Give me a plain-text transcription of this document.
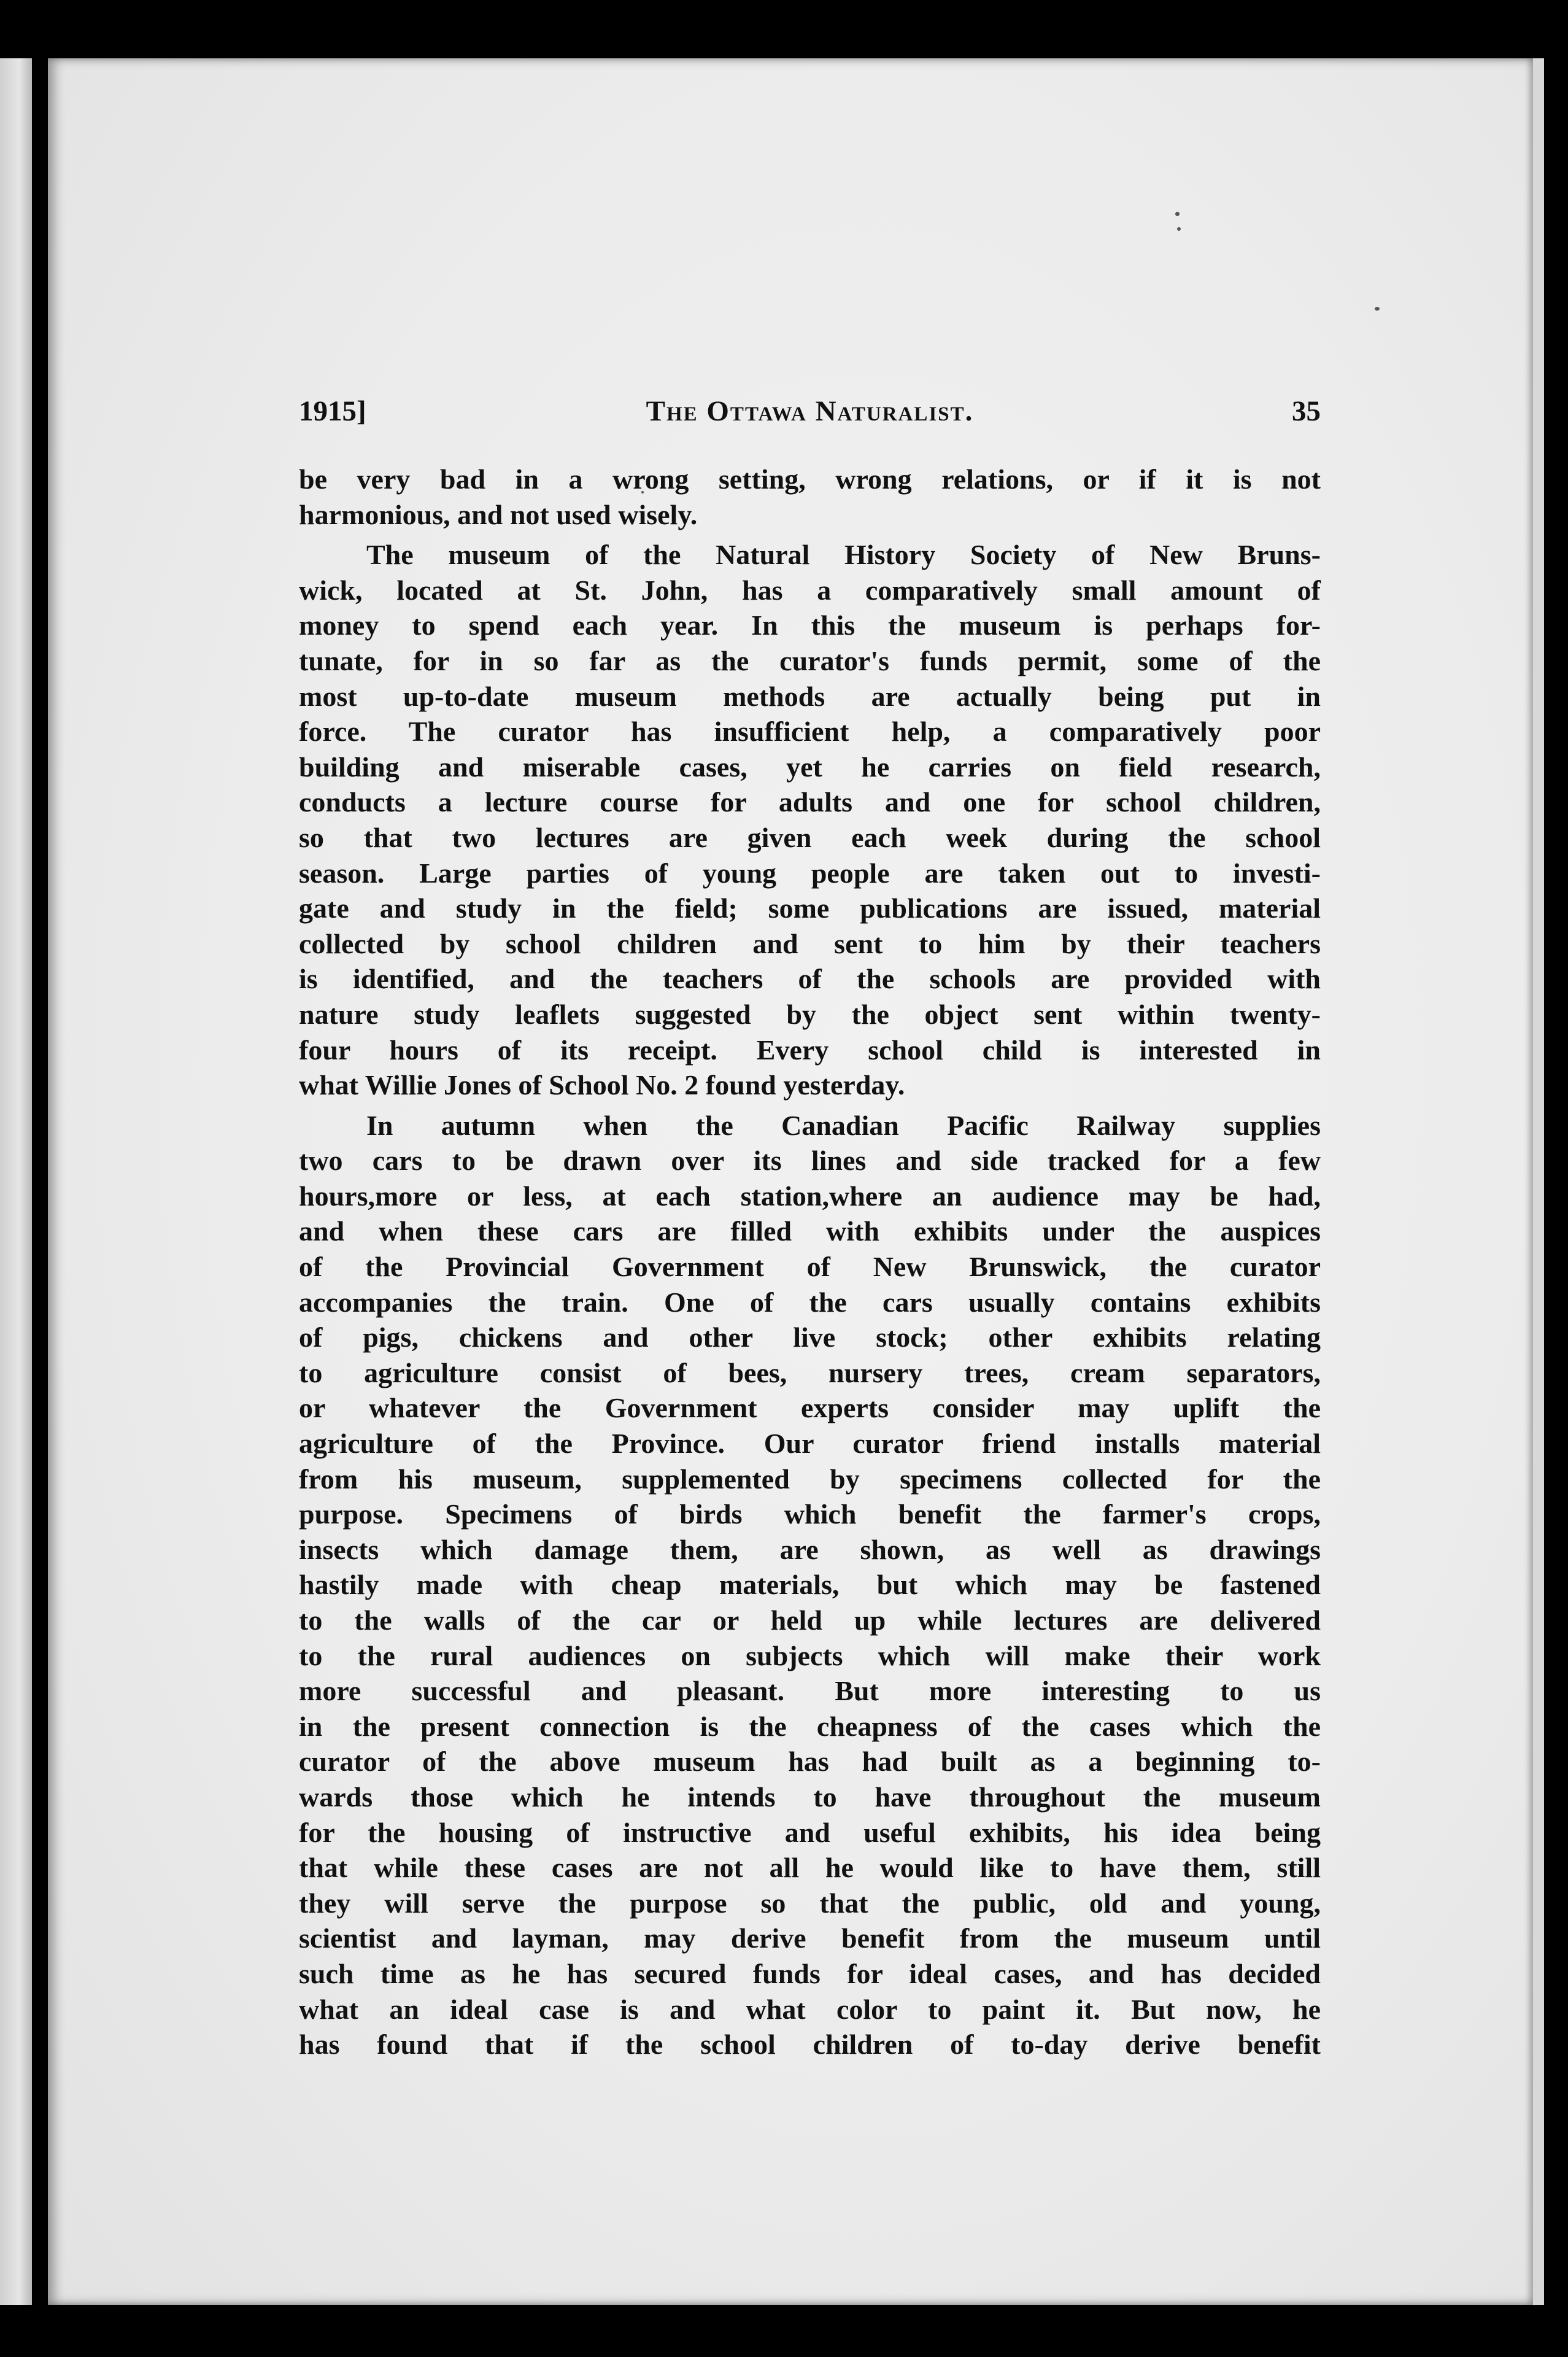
1915]	The Ottawa Naturalist.	35
be very bad in a wrong setting, wrong relations, or if it is not
harmonious, and not used wisely.
The museum of the Natural History Society of New Bruns-
wick, located at St. John, has a comparatively small amount of
money to spend each year. In this the museum is perhaps for-
tunate, for in so far as the curator's funds permit, some of the
most up-to-date museum methods are actually being put in
force. The curator has insufficient help, a comparatively poor
building and miserable cases, yet he carries on field research,
conducts a lecture course for adults and one for school children,
so that two lectures are given each week during the school
season. Large parties of young people are taken out to investi-
gate and study in the field; some publications are issued, material
collected by school children and sent to him by their teachers
is identified, and the teachers of the schools are provided with
nature study leaflets suggested by the object sent within twenty-
four hours of its receipt. Every school child is interested in
what Willie Jones of School No. 2 found yesterday.
In autumn when the Canadian Pacific Railway supplies
two cars to be drawn over its lines and side tracked for a few
hours,more or less, at each station,where an audience may be had,
and when these cars are filled with exhibits under the auspices
of the Provincial Government of New Brunswick, the curator
accompanies the train. One of the cars usually contains exhibits
of pigs, chickens and other live stock; other exhibits relating
to agriculture consist of bees, nursery trees, cream separators,
or whatever the Government experts consider may uplift the
agriculture of the Province. Our curator friend installs material
from his museum, supplemented by specimens collected for the
purpose. Specimens of birds which benefit the farmer's crops,
insects which damage them, are shown, as well as drawings
hastily made with cheap materials, but which may be fastened
to the walls of the car or held up while lectures are delivered
to the rural audiences on subjects which will make their work
more successful and pleasant. But more interesting to us
in the present connection is the cheapness of the cases which the
curator of the above museum has had built as a beginning to-
wards those which he intends to have throughout the museum
for the housing of instructive and useful exhibits, his idea being
that while these cases are not all he would like to have them, still
they will serve the purpose so that the public, old and young,
scientist and layman, may derive benefit from the museum until
such time as he has secured funds for ideal cases, and has decided
what an ideal case is and what color to paint it. But now, he
has found that if the school children of to-day derive benefit
